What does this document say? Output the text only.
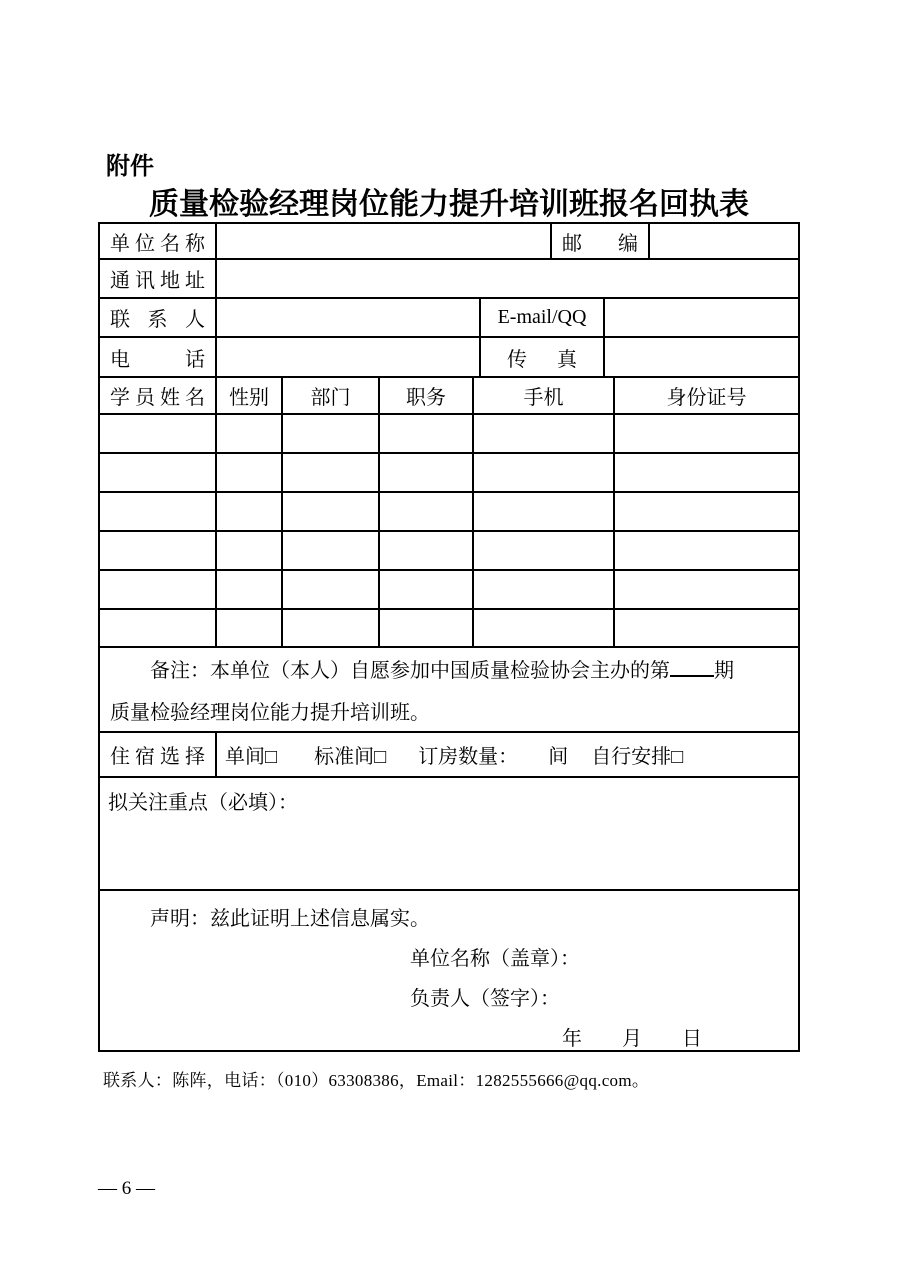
附件
质量检验经理岗位能力提升培训班报名回执表
单位名称	邮编
通讯地址
联系人	E-mail/QQ
电话	传真
学员姓名	性别 部门	职务	手机	身份证号
备注：本单位（本人）自愿参加中国质量检验协会主办的第 期
质量检验经理岗位能力提升培训班。
住宿选择	单间□ 标准间□ 订房数量： 间 自行安排□
拟关注重点（必填）：
声明：兹此证明上述信息属实。
单位名称（盖章）：
负责人（签字）：
年　　月　　日
联系人：陈阵，电话：（010）63308386，Email：1282555666@qq.com。
— 6 —
